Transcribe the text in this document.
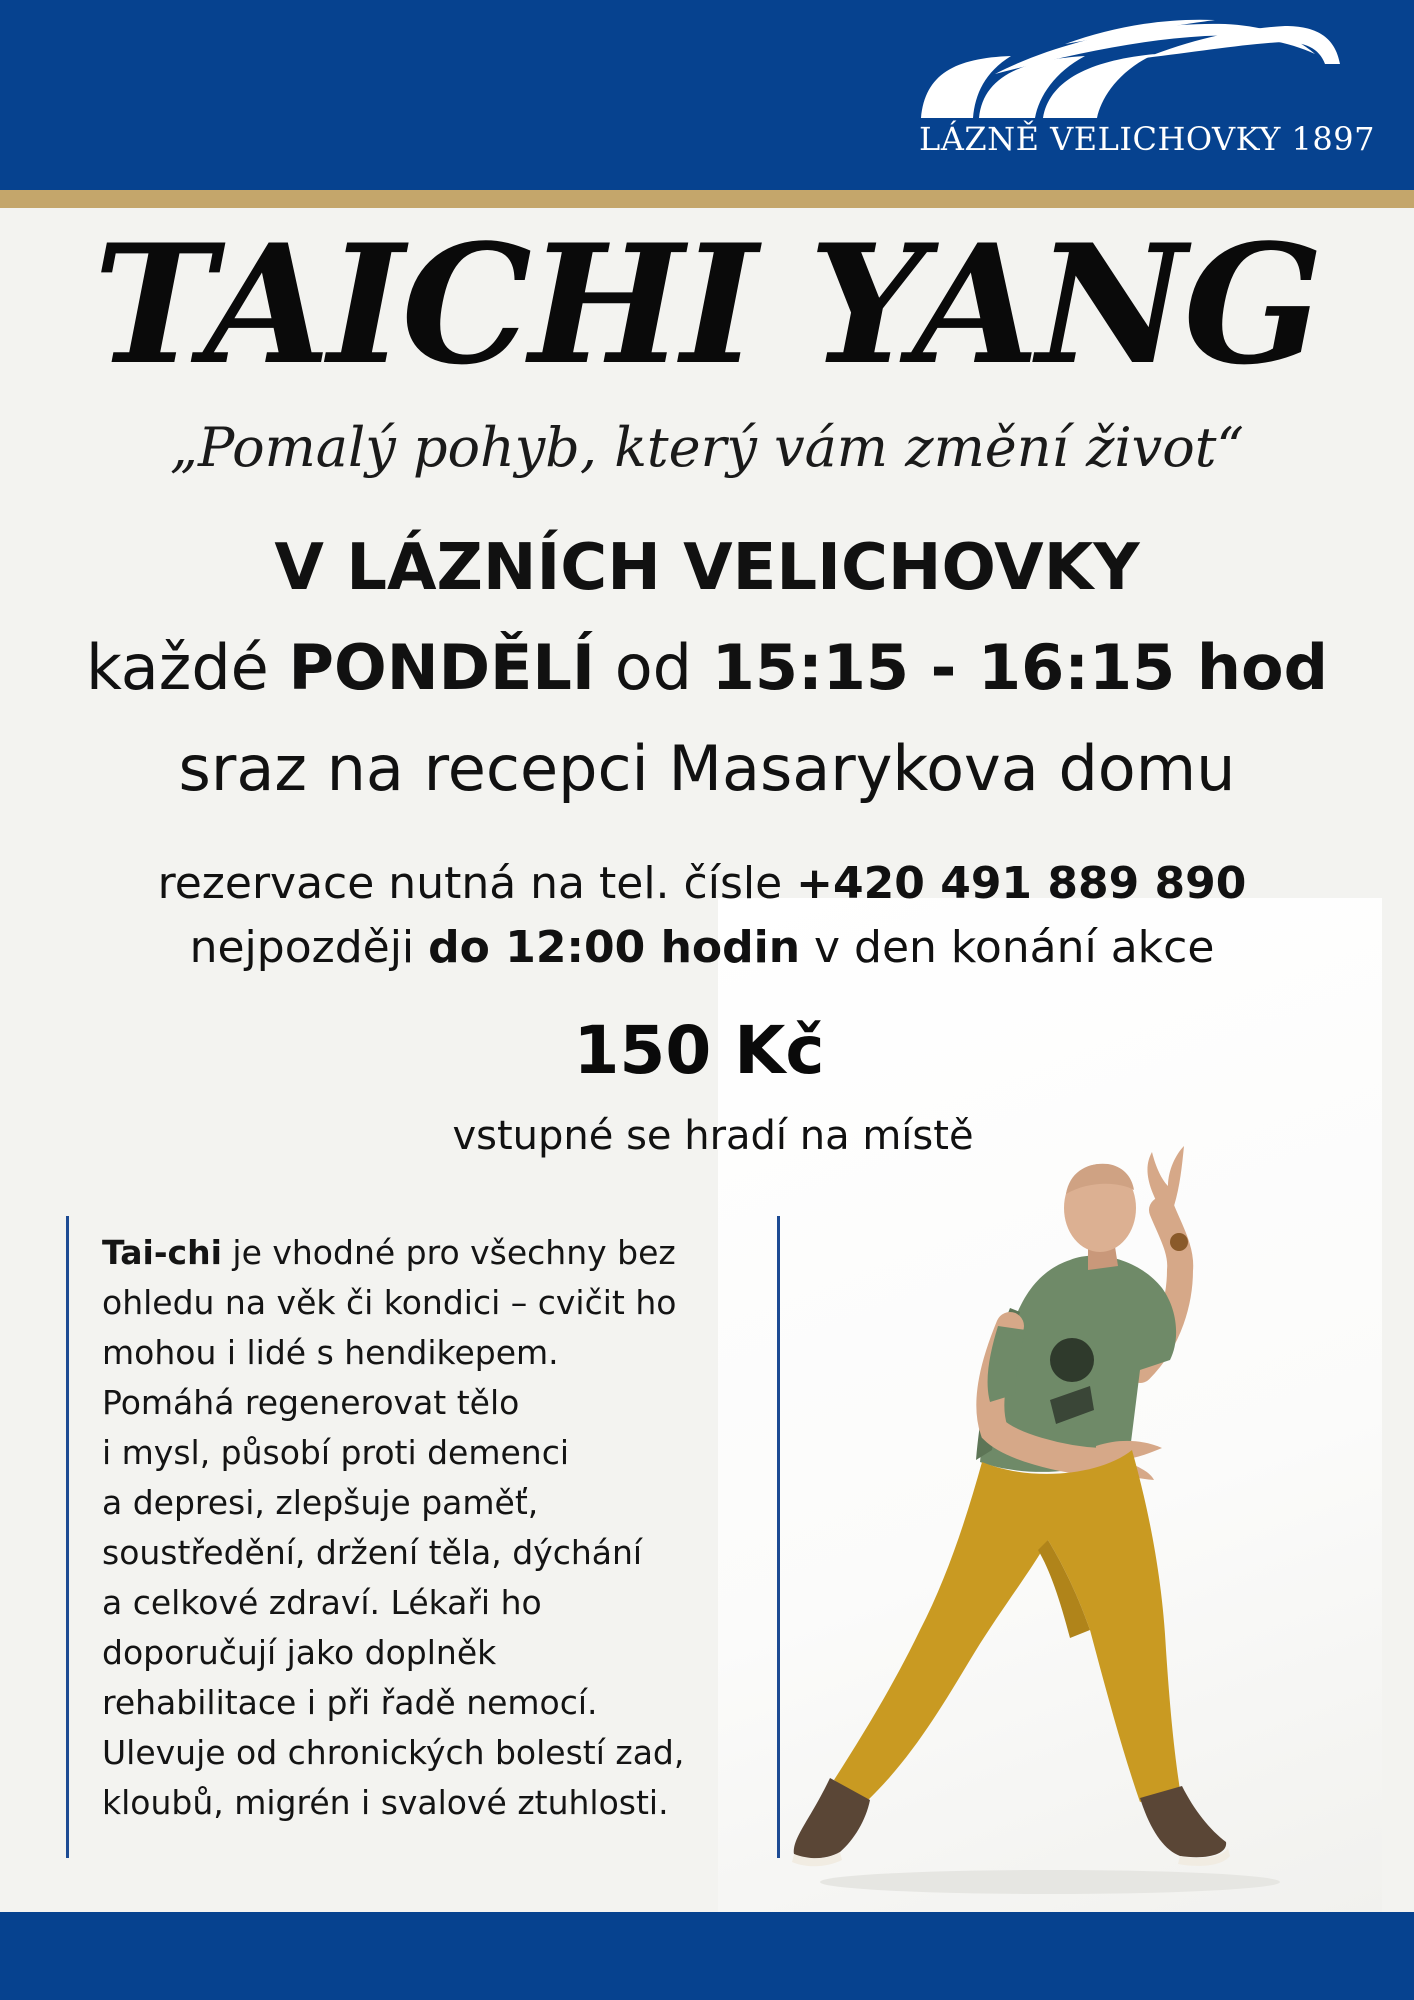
LÁZNĚ VELICHOVKY 1897
TAICHI YANG
„Pomalý pohyb, který vám změní život“
V LÁZNÍCH VELICHOVKY
každé PONDĚLÍ od 15:15 - 16:15 hod
sraz na recepci Masarykova domu
rezervace nutná na tel. čísle +420 491 889 890
nejpozději do 12:00 hodin v den konání akce
150 Kč
vstupné se hradí na místě
Tai-chi je vhodné pro všechny bez
ohledu na věk či kondici – cvičit ho
mohou i lidé s hendikepem.
Pomáhá regenerovat tělo
i mysl, působí proti demenci
a depresi, zlepšuje paměť,
soustředění, držení těla, dýchání
a celkové zdraví. Lékaři ho
doporučují jako doplněk
rehabilitace i při řadě nemocí.
Ulevuje od chronických bolestí zad,
kloubů, migrén i svalové ztuhlosti.
